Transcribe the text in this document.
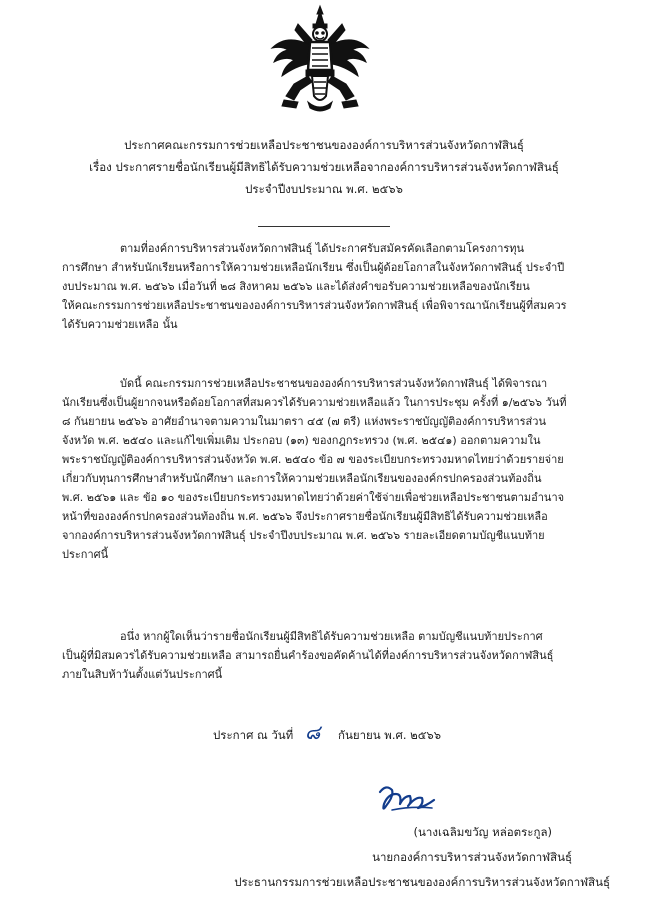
ประกาศคณะกรรมการช่วยเหลือประชาชนขององค์การบริหารส่วนจังหวัดกาฬสินธุ์
เรื่อง ประกาศรายชื่อนักเรียนผู้มีสิทธิได้รับความช่วยเหลือจากองค์การบริหารส่วนจังหวัดกาฬสินธุ์
ประจำปีงบประมาณ พ.ศ. ๒๕๖๖
ตามที่องค์การบริหารส่วนจังหวัดกาฬสินธุ์ ได้ประกาศรับสมัครคัดเลือกตามโครงการทุน
การศึกษา สำหรับนักเรียนหรือการให้ความช่วยเหลือนักเรียน ซึ่งเป็นผู้ด้อยโอกาสในจังหวัดกาฬสินธุ์ ประจำปี
งบประมาณ พ.ศ. ๒๕๖๖ เมื่อวันที่ ๒๘ สิงหาคม ๒๕๖๖ และได้ส่งคำขอรับความช่วยเหลือของนักเรียน
ให้คณะกรรมการช่วยเหลือประชาชนขององค์การบริหารส่วนจังหวัดกาฬสินธุ์ เพื่อพิจารณานักเรียนผู้ที่สมควร
ได้รับความช่วยเหลือ นั้น
บัดนี้ คณะกรรมการช่วยเหลือประชาชนขององค์การบริหารส่วนจังหวัดกาฬสินธุ์ ได้พิจารณา
นักเรียนซึ่งเป็นผู้ยากจนหรือด้อยโอกาสที่สมควรได้รับความช่วยเหลือแล้ว ในการประชุม ครั้งที่ ๑/๒๕๖๖ วันที่
๘ กันยายน ๒๕๖๖ อาศัยอำนาจตามความในมาตรา ๔๕ (๗ ตรี) แห่งพระราชบัญญัติองค์การบริหารส่วน
จังหวัด พ.ศ. ๒๕๔๐ และแก้ไขเพิ่มเติม ประกอบ (๑๓) ของกฎกระทรวง (พ.ศ. ๒๕๔๑) ออกตามความใน
พระราชบัญญัติองค์การบริหารส่วนจังหวัด พ.ศ. ๒๕๔๐ ข้อ ๗ ของระเบียบกระทรวงมหาดไทยว่าด้วยรายจ่าย
เกี่ยวกับทุนการศึกษาสำหรับนักศึกษา และการให้ความช่วยเหลือนักเรียนขององค์กรปกครองส่วนท้องถิ่น
พ.ศ. ๒๕๖๑ และ ข้อ ๑๐ ของระเบียบกระทรวงมหาดไทยว่าด้วยค่าใช้จ่ายเพื่อช่วยเหลือประชาชนตามอำนาจ
หน้าที่ขององค์กรปกครองส่วนท้องถิ่น พ.ศ. ๒๕๖๖ จึงประกาศรายชื่อนักเรียนผู้มีสิทธิได้รับความช่วยเหลือ
จากองค์การบริหารส่วนจังหวัดกาฬสินธุ์ ประจำปีงบประมาณ พ.ศ. ๒๕๖๖ รายละเอียดตามบัญชีแนบท้าย
ประกาศนี้
อนึ่ง หากผู้ใดเห็นว่ารายชื่อนักเรียนผู้มีสิทธิได้รับความช่วยเหลือ ตามบัญชีแนบท้ายประกาศ
เป็นผู้ที่มิสมควรได้รับความช่วยเหลือ สามารถยื่นคำร้องขอคัดค้านได้ที่องค์การบริหารส่วนจังหวัดกาฬสินธุ์
ภายในสิบห้าวันตั้งแต่วันประกาศนี้
ประกาศ ณ วันที่ ๘ กันยายน พ.ศ. ๒๕๖๖
(นางเฉลิมขวัญ หล่อตระกูล)
นายกองค์การบริหารส่วนจังหวัดกาฬสินธุ์
ประธานกรรมการช่วยเหลือประชาชนขององค์การบริหารส่วนจังหวัดกาฬสินธุ์
